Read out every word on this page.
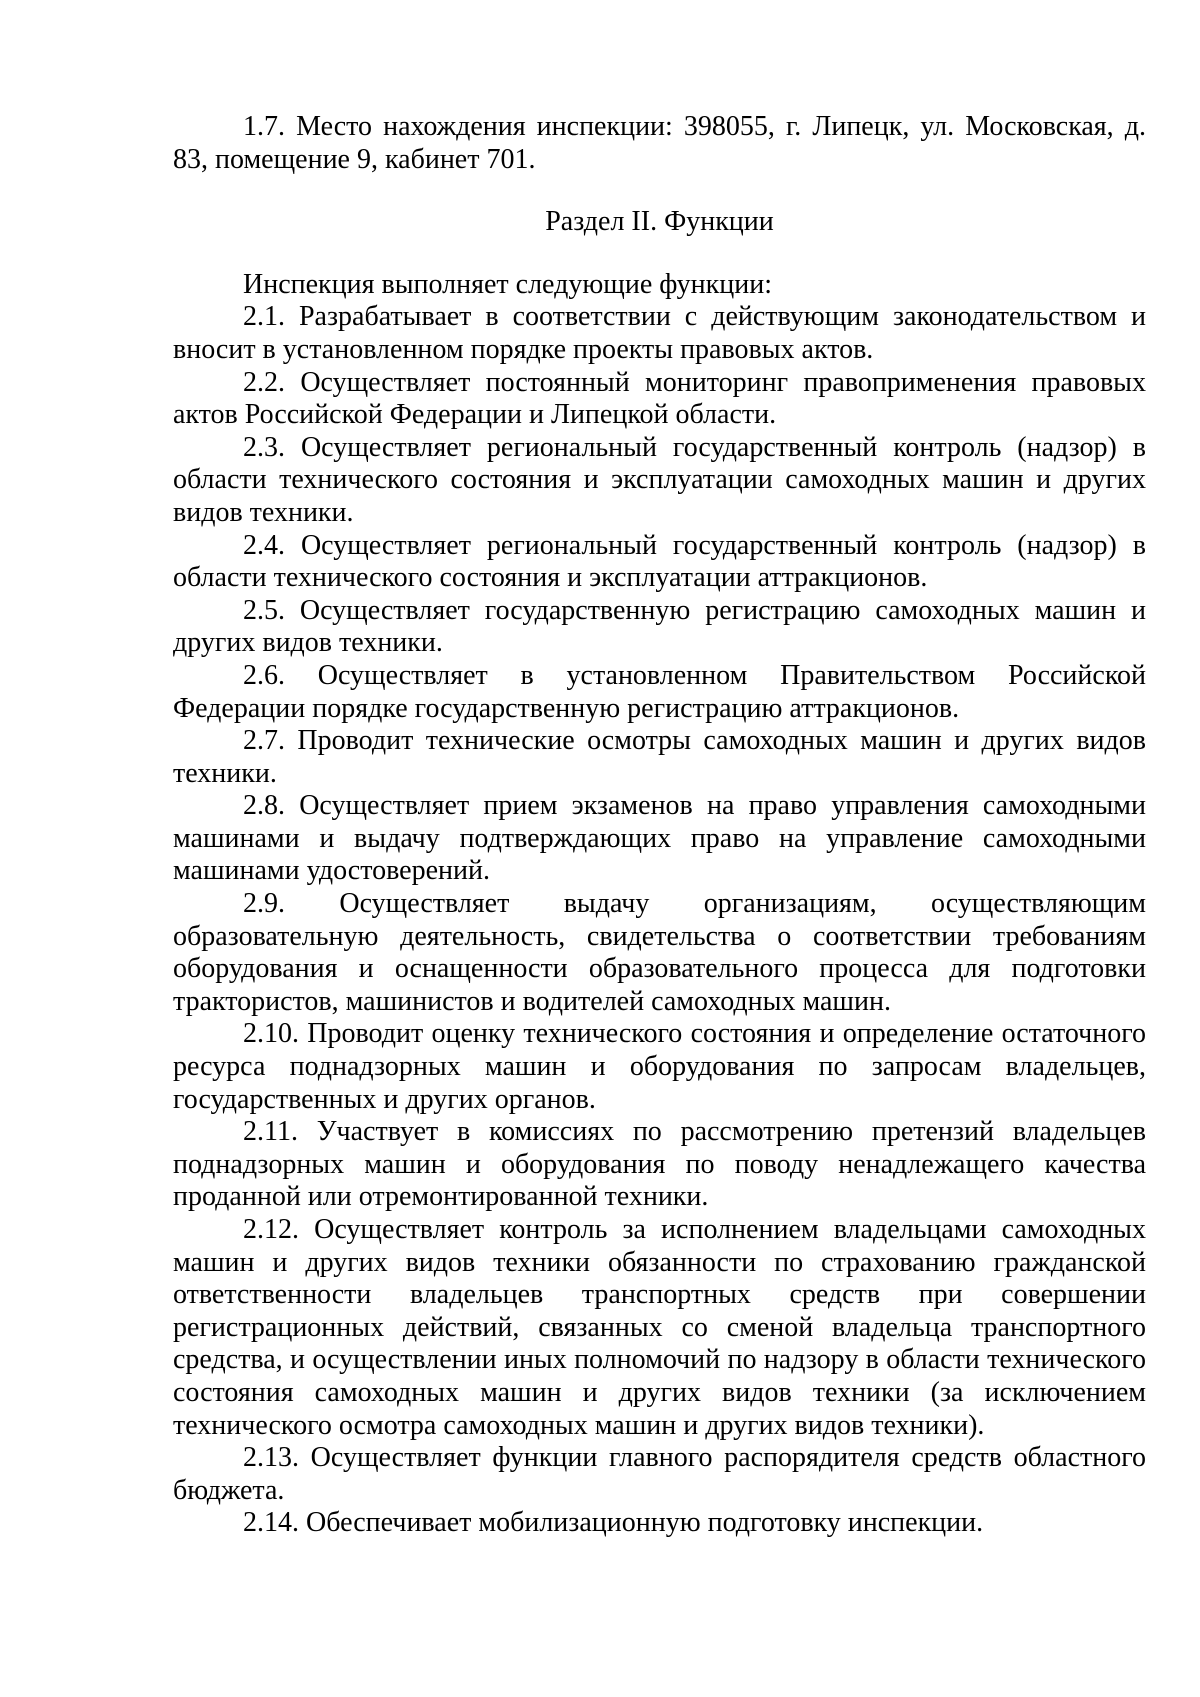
1.7. Место нахождения инспекции: 398055, г. Липецк, ул. Московская, д. 83, помещение 9, кабинет 701.

Раздел II. Функции

Инспекция выполняет следующие функции:

2.1. Разрабатывает в соответствии с действующим законодательством и вносит в установленном порядке проекты правовых актов.

2.2. Осуществляет постоянный мониторинг правоприменения правовых актов Российской Федерации и Липецкой области.

2.3. Осуществляет региональный государственный контроль (надзор) в области технического состояния и эксплуатации самоходных машин и других видов техники.

2.4. Осуществляет региональный государственный контроль (надзор) в области технического состояния и эксплуатации аттракционов.

2.5. Осуществляет государственную регистрацию самоходных машин и других видов техники.

2.6. Осуществляет в установленном Правительством Российской Федерации порядке государственную регистрацию аттракционов.

2.7. Проводит технические осмотры самоходных машин и других видов техники.

2.8. Осуществляет прием экзаменов на право управления самоходными машинами и выдачу подтверждающих право на управление самоходными машинами удостоверений.

2.9. Осуществляет выдачу организациям, осуществляющим образовательную деятельность, свидетельства о соответствии требованиям оборудования и оснащенности образовательного процесса для подготовки трактористов, машинистов и водителей самоходных машин.

2.10. Проводит оценку технического состояния и определение остаточного ресурса поднадзорных машин и оборудования по запросам владельцев, государственных и других органов.

2.11. Участвует в комиссиях по рассмотрению претензий владельцев поднадзорных машин и оборудования по поводу ненадлежащего качества проданной или отремонтированной техники.

2.12. Осуществляет контроль за исполнением владельцами самоходных машин и других видов техники обязанности по страхованию гражданской ответственности владельцев транспортных средств при совершении регистрационных действий, связанных со сменой владельца транспортного средства, и осуществлении иных полномочий по надзору в области технического состояния самоходных машин и других видов техники (за исключением технического осмотра самоходных машин и других видов техники).

2.13. Осуществляет функции главного распорядителя средств областного бюджета.

2.14. Обеспечивает мобилизационную подготовку инспекции.
